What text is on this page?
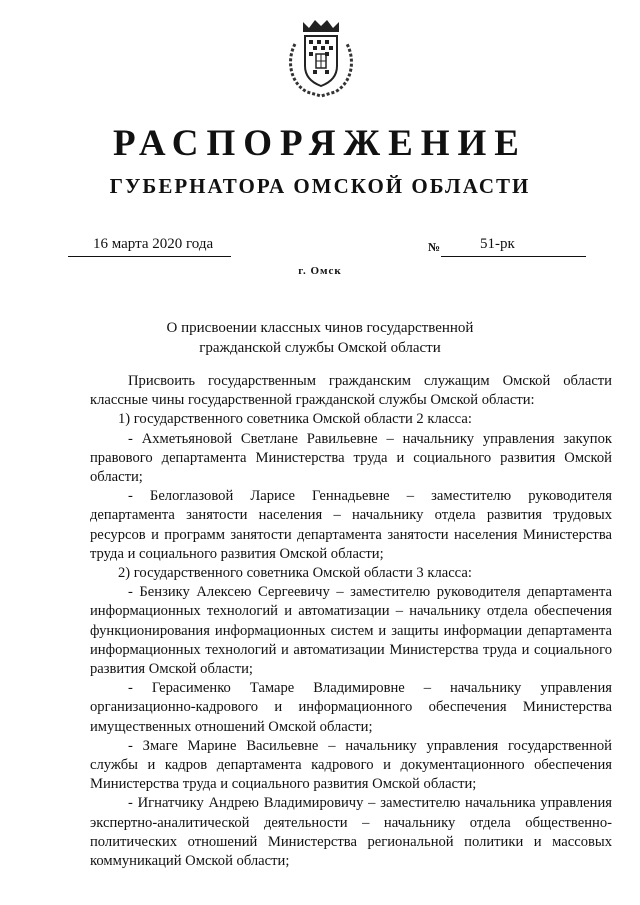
РАСПОРЯЖЕНИЕ
ГУБЕРНАТОРА ОМСКОЙ ОБЛАСТИ
16 марта 2020 года	№	51-рк
г. Омск
О присвоении классных чинов государственной
гражданской службы Омской области

Присвоить государственным гражданским служащим Омской области классные чины государственной гражданской службы Омской области:

1) государственного советника Омской области 2 класса:

- Ахметьяновой Светлане Равильевне – начальнику управления закупок правового департамента Министерства труда и социального развития Омской области;

- Белоглазовой Ларисе Геннадьевне – заместителю руководителя департамента занятости населения – начальнику отдела развития трудовых ресурсов и программ занятости департамента занятости населения Министерства труда и социального развития Омской области;

2) государственного советника Омской области 3 класса:

- Бензику Алексею Сергеевичу – заместителю руководителя департамента информационных технологий и автоматизации – начальнику отдела обеспечения функционирования информационных систем и защиты информации департамента информационных технологий и автоматизации Министерства труда и социального развития Омской области;

- Герасименко Тамаре Владимировне – начальнику управления организационно-кадрового и информационного обеспечения Министерства имущественных отношений Омской области;

- Змаге Марине Васильевне – начальнику управления государственной службы и кадров департамента кадрового и документационного обеспечения Министерства труда и социального развития Омской области;

- Игнатчику Андрею Владимировичу – заместителю начальника управления экспертно-аналитической деятельности – начальнику отдела общественно-политических отношений Министерства региональной политики и массовых коммуникаций Омской области;
